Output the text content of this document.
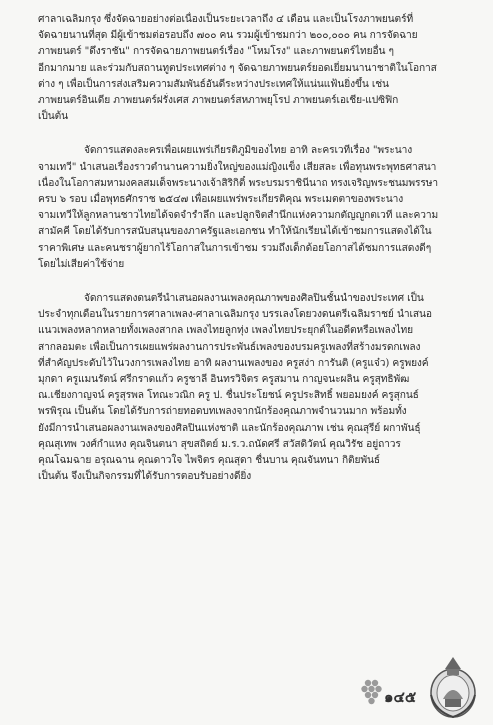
ศาลาเฉลิมกรุง ซึ่งจัดฉายอย่างต่อเนื่องเป็นระยะเวลาถึง ๔ เดือน และเป็นโรงภาพยนตร์ที่
จัดฉายนานที่สุด มีผู้เข้าชมต่อรอบถึง ๗๐๐ คน รวมผู้เข้าชมกว่า ๒๐๐,๐๐๐ คน การจัดฉาย
ภาพยนตร์ "ดึงราชัน" การจัดฉายภาพยนตร์เรื่อง "โหมโรง" และภาพยนตร์ไทยอื่น ๆ
อีกมากมาย และร่วมกับสถานทูตประเทศต่าง ๆ จัดฉายภาพยนตร์ยอดเยี่ยมนานาชาติในโอกาส
ต่าง ๆ เพื่อเป็นการส่งเสริมความสัมพันธ์อันดีระหว่างประเทศให้แน่นแฟ้นยิ่งขึ้น เช่น
ภาพยนตร์อินเดีย ภาพยนตร์ฝรั่งเศส ภาพยนตร์สหภาพยุโรป ภาพยนตร์เอเชีย-แปซิฟิก
เป็นต้น
จัดการแสดงละครเพื่อเผยแพร่เกียรติภูมิของไทย อาทิ ละครเวทีเรื่อง "พระนาง
จามเทวี" นำเสนอเรื่องราวตำนานความยิ่งใหญ่ของแม่ญิงแข็ง เสียสละ เพื่อทุนพระพุทธศาสนา
เนื่องในโอกาสมหามงคลสมเด็จพระนางเจ้าสิริกิติ์ พระบรมราชินีนาถ ทรงเจริญพระชนมพรรษา
ครบ ๖ รอบ เมื่อพุทธศักราช ๒๕๔๗ เพื่อเผยแพร่พระเกียรติคุณ พระเมตตาของพระนาง
จามเทวีให้ลูกหลานชาวไทยได้จดจำรำลึก และปลูกจิตสำนึกแห่งความกตัญญูกตเวที และความ
สามัคคี โดยได้รับการสนับสนุนของภาครัฐและเอกชน ทำให้นักเรียนได้เข้าชมการแสดงได้ใน
ราคาพิเศษ และคนชราผู้ยากไร้โอกาสในการเข้าชม รวมถึงเด็กด้อยโอกาสได้ชมการแสดงดีๆ
โดยไม่เสียค่าใช้จ่าย
จัดการแสดงดนตรีนำเสนอผลงานเพลงคุณภาพของศิลปินชั้นนำของประเทศ เป็น
ประจำทุกเดือนในรายการศาลาเพลง-ศาลาเฉลิมกรุง บรรเลงโดยวงดนตรีเฉลิมราชย์ นำเสนอ
แนวเพลงหลากหลายทั้งเพลงสากล เพลงไทยลูกทุ่ง เพลงไทยประยุกต์ในอดีตหรือเพลงไทย
สากลอมตะ เพื่อเป็นการเผยแพร่ผลงานการประพันธ์เพลงของบรมครูเพลงที่สร้างมรดกเพลง
ที่สำคัญประดับไว้ในวงการเพลงไทย อาทิ ผลงานเพลงของ ครูสง่า การันติ (ครูแจ๋ว) ครูพยงค์
มุกดา ครูแมนรัตน์ ศรีกราดแก้ว ครูชาลี อินทรวิจิตร ครูสมาน กาญจนะผลิน ครูสุทธิพัฒ
ณ.เชียงกาญจน์ ครูสุรพล โทณะวณิก ครู ป. ชื่นประโยชน์ ครูประสิทธิ์ พยอมยงค์ ครูสุกนธ์
พรพิรุณ เป็นต้น โดยได้รับการถ่ายทอดบทเพลงจากนักร้องคุณภาพจำนวนมาก พร้อมทั้ง
ยังมีการนำเสนอผลงานเพลงของศิลปินแห่งชาติ และนักร้องคุณภาพ เช่น คุณสุรีย์ ผกาพันธุ์
คุณสุเทพ วงศ์กำแหง คุณจินตนา สุขสถิตย์ ม.ร.ว.ถนัดศรี สวัสดิวัตน์ คุณวิรัช อยู่ถาวร
คุณโฉมฉาย อรุณฉาน คุณดาวใจ ไพจิตร คุณสุดา ชื่นบาน คุณจันทนา กิติยพันธ์
เป็นต้น จึงเป็นกิจกรรมที่ได้รับการตอบรับอย่างดียิ่ง
๑๔๕
